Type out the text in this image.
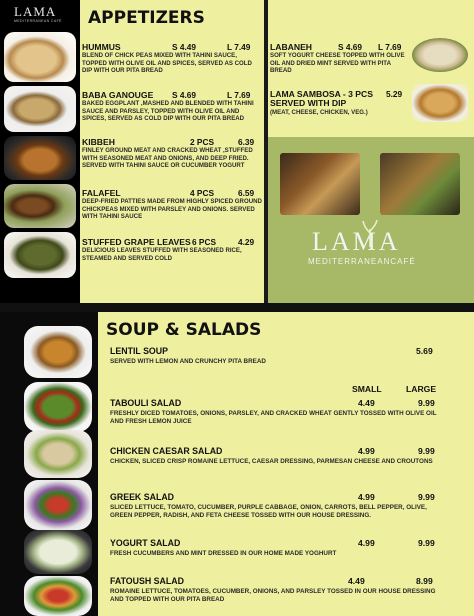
LAMA
MEDITERRANEAN CAFÉ APPETIZERS
HUMMUS	S 4.49	L 7.49
BLEND OF CHICK PEAS MIXED WITH TAHINI SAUCE, TOPPED WITH OLIVE OIL AND SPICES, SERVED AS COLD DIP WITH OUR PITA BREAD
BABA GANOUGE S 4.69	L 7.69
BAKED EGGPLANT ,MASHED AND BLENDED WITH TAHINI SAUCE AND PARSLEY, TOPPED WITH OLIVE OIL AND SPICES, SERVED AS COLD DIP WITH OUR PITA BREAD
KIBBEH	2 PCS	6.39
FINLEY GROUND MEAT AND CRACKED WHEAT ,STUFFED WITH SEASONED MEAT AND ONIONS, AND DEEP FRIED. SERVED WITH TAHINI SAUCE OR CUCUMBER YOGURT
FALAFEL	4 PCS	6.59
DEEP-FRIED PATTIES MADE FROM HIGHLY SPICED GROUND CHICKPEAS MIXED WITH PARSLEY AND ONIONS. SERVED WITH TAHINI SAUCE
STUFFED GRAPE LEAVES 6 PCS	4.29
DELICIOUS LEAVES STUFFED WITH SEASONED RICE, STEAMED AND SERVED COLD
LABANEH	S 4.69 L 7.69
SOFT YOGURT CHEESE TOPPED WITH OLIVE OIL AND DRIED MINT SERVED WITH PITA BREAD
LAMA SAMBOSA - 3 PCS 5.29
SERVED WITH DIP
(MEAT, CHEESE, CHICKEN, VEG.)
LAMA
MEDITERRANEANCAFÉ
SOUP & SALADS
LENTIL SOUP	5.69
SERVED WITH LEMON AND CRUNCHY PITA BREAD
SMALL	LARGE
TABOULI SALAD	4.49	9.99
FRESHLY DICED TOMATOES, ONIONS, PARSLEY, AND CRACKED WHEAT GENTLY TOSSED WITH OLIVE OIL AND FRESH LEMON JUICE
CHICKEN CAESAR SALAD	4.99	9.99
CHICKEN, SLICED CRISP ROMAINE LETTUCE, CAESAR DRESSING, PARMESAN CHEESE AND CROUTONS
GREEK SALAD	4.99	9.99
SLICED LETTUCE, TOMATO, CUCUMBER, PURPLE CABBAGE, ONION, CARROTS, BELL PEPPER, OLIVE, GREEN PEPPER, RADISH, AND FETA CHEESE TOSSED WITH OUR HOUSE DRESSING.
YOGURT SALAD	4.99	9.99
FRESH CUCUMBERS AND MINT DRESSED IN OUR HOME MADE YOGHURT
FATOUSH SALAD	4.49	8.99
ROMAINE LETTUCE, TOMATOES, CUCUMBER, ONIONS, AND PARSLEY TOSSED IN OUR HOUSE DRESSING AND TOPPED WITH OUR PITA BREAD
